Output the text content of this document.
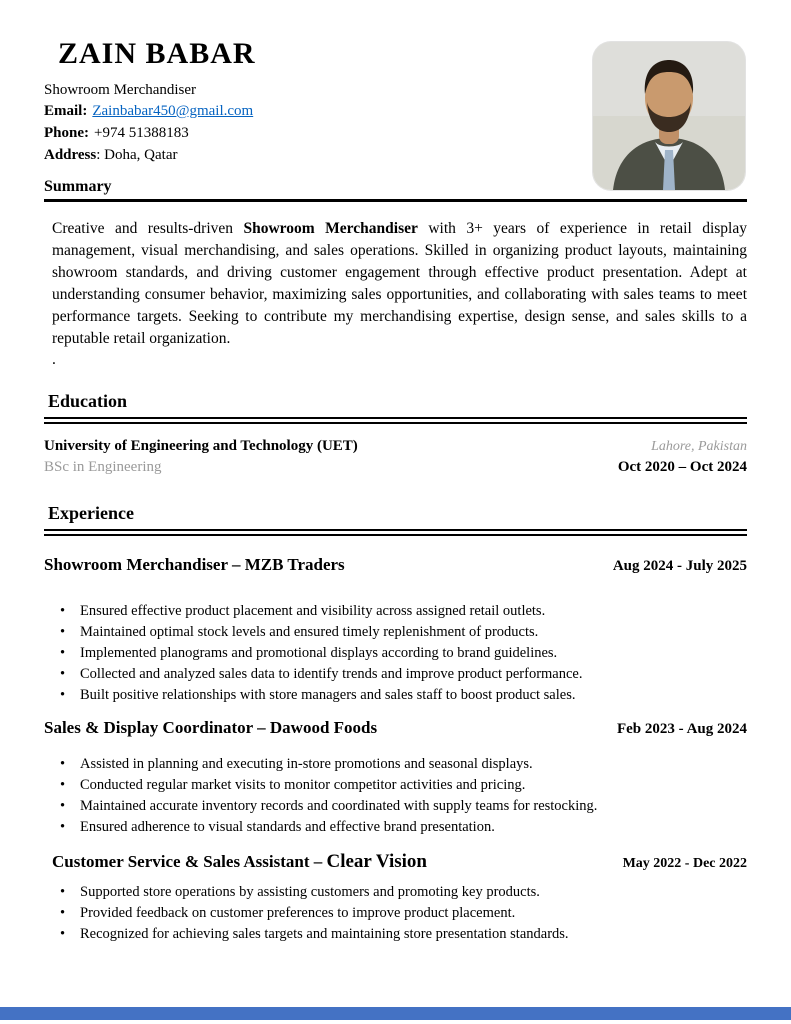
ZAIN BABAR
Showroom Merchandiser
Email: Zainbabar450@gmail.com
Phone: +974 51388183
Address: Doha, Qatar
Summary

Creative and results-driven Showroom Merchandiser with 3+ years of experience in retail display management, visual merchandising, and sales operations. Skilled in organizing product layouts, maintaining showroom standards, and driving customer engagement through effective product presentation. Adept at understanding consumer behavior, maximizing sales opportunities, and collaborating with sales teams to meet performance targets. Seeking to contribute my merchandising expertise, design sense, and sales skills to a reputable retail organization.

.
Education
University of Engineering and Technology (UET)	Lahore, Pakistan
BSc in Engineering	Oct 2020 – Oct 2024
Experience
Showroom Merchandiser – MZB Traders	Aug 2024 - July 2025
•	Ensured effective product placement and visibility across assigned retail outlets.
•	Maintained optimal stock levels and ensured timely replenishment of products.
•	Implemented planograms and promotional displays according to brand guidelines.
•	Collected and analyzed sales data to identify trends and improve product performance.
•	Built positive relationships with store managers and sales staff to boost product sales.
Sales & Display Coordinator – Dawood Foods	Feb 2023 - Aug 2024
•	Assisted in planning and executing in-store promotions and seasonal displays.
•	Conducted regular market visits to monitor competitor activities and pricing.
•	Maintained accurate inventory records and coordinated with supply teams for restocking.
•	Ensured adherence to visual standards and effective brand presentation.
Customer Service & Sales Assistant – Clear Vision	May 2022 - Dec 2022
•	Supported store operations by assisting customers and promoting key products.
•	Provided feedback on customer preferences to improve product placement.
•	Recognized for achieving sales targets and maintaining store presentation standards.
